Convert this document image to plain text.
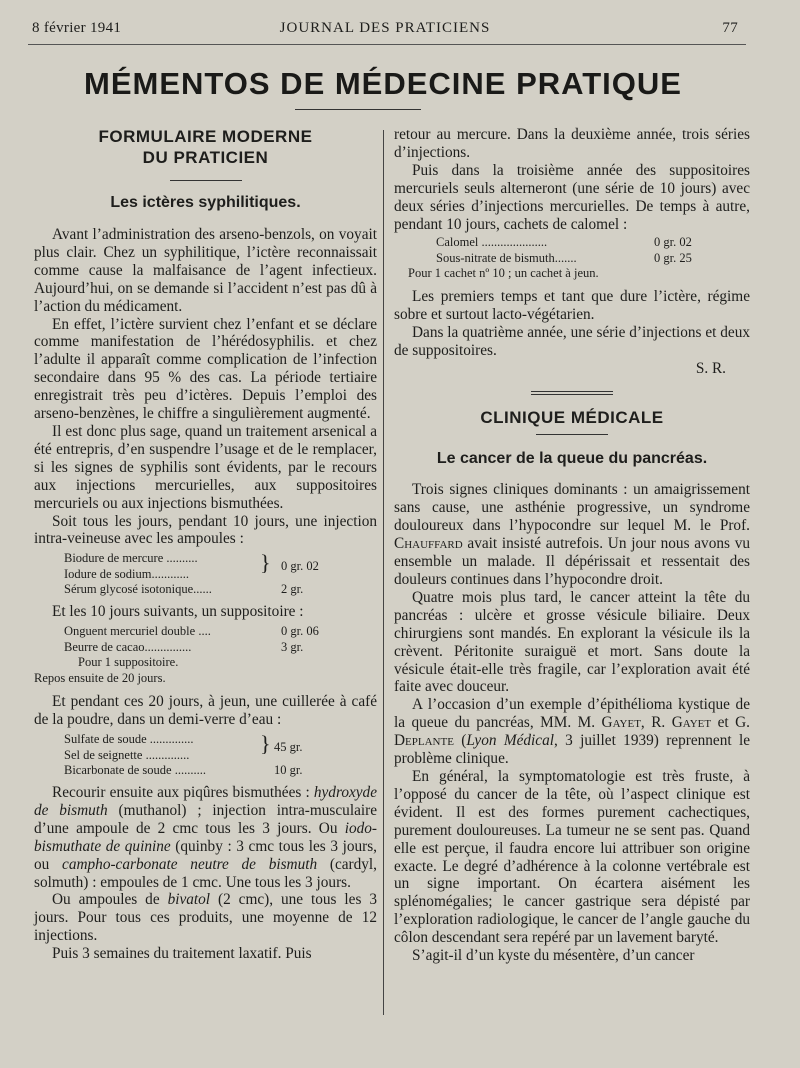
8 février 1941	JOURNAL DES PRATICIENS	77
MÉMENTOS DE MÉDECINE PRATIQUE
FORMULAIRE MODERNE
DU PRATICIEN
Les ictères syphilitiques.

Avant l’administration des arseno-benzols, on voyait plus clair. Chez un syphilitique, l’ictère reconnaissait comme cause la malfaisance de l’agent infectieux. Aujourd’hui, on se demande si l’accident n’est pas dû à l’action du médicament.

En effet, l’ictère survient chez l’enfant et se déclare comme manifestation de l’hérédosyphilis. et chez l’adulte il apparaît comme complication de l’infection secondaire dans 95 % des cas. La période tertiaire enregistrait très peu d’ictères. Depuis l’emploi des arseno-benzènes, le chiffre a singulièrement augmenté.

Il est donc plus sage, quand un traitement arsenical a été entrepris, d’en suspendre l’usage et de le remplacer, si les signes de syphilis sont évidents, par le recours aux injections mercurielles, aux suppositoires mercuriels ou aux injections bismuthées.

Soit tous les jours, pendant 10 jours, une injection intra-veineuse avec les ampoules :

Biodure de mercure ..........
Iodure de sodium............
Sérum glycosé isotonique......	2 gr.
} 0 gr. 02

Et les 10 jours suivants, un suppositoire :

Onguent mercuriel double ....	0 gr. 06
Beurre de cacao...............	3 gr.
Pour 1 suppositoire.
Repos ensuite de 20 jours.

Et pendant ces 20 jours, à jeun, une cuillerée à café de la poudre, dans un demi-verre d’eau :

Sulfate de soude ..............
Sel de seignette ..............
Bicarbonate de soude ..........	10 gr.
} 45 gr.

Recourir ensuite aux piqûres bismuthées : hydroxyde de bismuth (muthanol) ; injection intra-musculaire d’une ampoule de 2 cmc tous les 3 jours. Ou iodo-bismuthate de quinine (quinby : 3 cmc tous les 3 jours, ou campho-carbonate neutre de bismuth (cardyl, solmuth) : empoules de 1 cmc. Une tous les 3 jours.

Ou ampoules de bivatol (2 cmc), une tous les 3 jours. Pour tous ces produits, une moyenne de 12 injections.

Puis 3 semaines du traitement laxatif. Puis

retour au mercure. Dans la deuxième année, trois séries d’injections.

Puis dans la troisième année des suppositoires mercuriels seuls alterneront (une série de 10 jours) avec deux séries d’injections mercurielles. De temps à autre, pendant 10 jours, cachets de calomel :

Calomel .....................	0 gr. 02
Sous-nitrate de bismuth.......	0 gr. 25
Pour 1 cachet nº 10 ; un cachet à jeun.

Les premiers temps et tant que dure l’ictère, régime sobre et surtout lacto-végétarien.

Dans la quatrième année, une série d’injections et deux de suppositoires.

S. R.
CLINIQUE MÉDICALE
Le cancer de la queue du pancréas.

Trois signes cliniques dominants : un amaigrissement sans cause, une asthénie progressive, un syndrome douloureux dans l’hypocondre sur lequel M. le Prof. Chauffard avait insisté autrefois. Un jour nous avons vu ensemble un malade. Il dépérissait et ressentait des douleurs continues dans l’hypocondre droit.

Quatre mois plus tard, le cancer atteint la tête du pancréas : ulcère et grosse vésicule biliaire. Deux chirurgiens sont mandés. En explorant la vésicule ils la crèvent. Péritonite suraiguë et mort. Sans doute la vésicule était-elle très fragile, car l’exploration avait été faite avec douceur.

A l’occasion d’un exemple d’épithélioma kystique de la queue du pancréas, MM. M. Gayet, R. Gayet et G. Deplante (Lyon Médical, 3 juillet 1939) reprennent le problème clinique.

En général, la symptomatologie est très fruste, à l’opposé du cancer de la tête, où l’aspect clinique est évident. Il est des formes purement cachectiques, purement douloureuses. La tumeur ne se sent pas. Quand elle est perçue, il faudra encore lui attribuer son origine exacte. Le degré d’adhérence à la colonne vertébrale est un signe important. On écartera aisément les splénomégalies; le cancer gastrique sera dépisté par l’exploration radiologique, le cancer de l’angle gauche du côlon descendant sera repéré par un lavement baryté.

S’agit-il d’un kyste du mésentère, d’un cancer
